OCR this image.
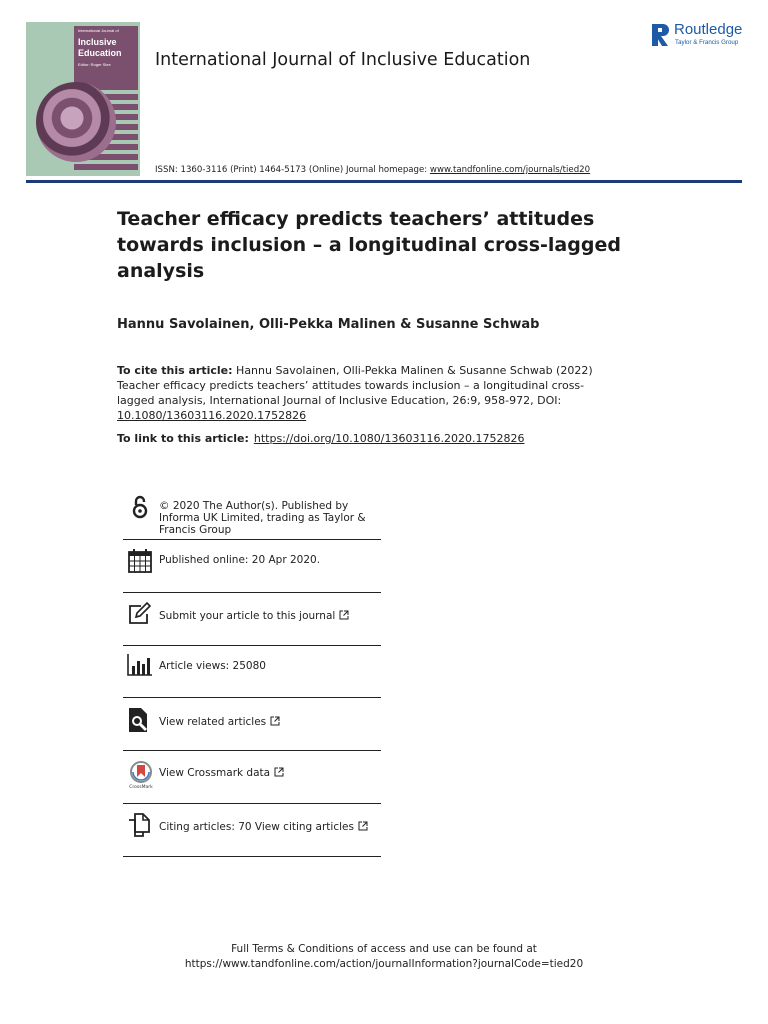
International Journal of
Inclusive
Education
Editor: Roger Slee	International Journal of Inclusive Education
ISSN: 1360-3116 (Print) 1464-5173 (Online) Journal homepage: www.tandfonline.com/journals/tied20
Routledge
Taylor & Francis Group
Teacher efficacy predicts teachers’ attitudes towards inclusion – a longitudinal cross-lagged analysis
Hannu Savolainen, Olli-Pekka Malinen & Susanne Schwab
To cite this article: Hannu Savolainen, Olli-Pekka Malinen & Susanne Schwab (2022) Teacher efficacy predicts teachers’ attitudes towards inclusion – a longitudinal cross-lagged analysis, International Journal of Inclusive Education, 26:9, 958-972, DOI: 10.1080/13603116.2020.1752826
To link to this article: https://doi.org/10.1080/13603116.2020.1752826
© 2020 The Author(s). Published by Informa UK Limited, trading as Taylor & Francis Group
Published online: 20 Apr 2020.
Submit your article to this journal
Article views: 25080
View related articles
CrossMark
View Crossmark data
Citing articles: 70 View citing articles
Full Terms & Conditions of access and use can be found at
https://www.tandfonline.com/action/journalInformation?journalCode=tied20
